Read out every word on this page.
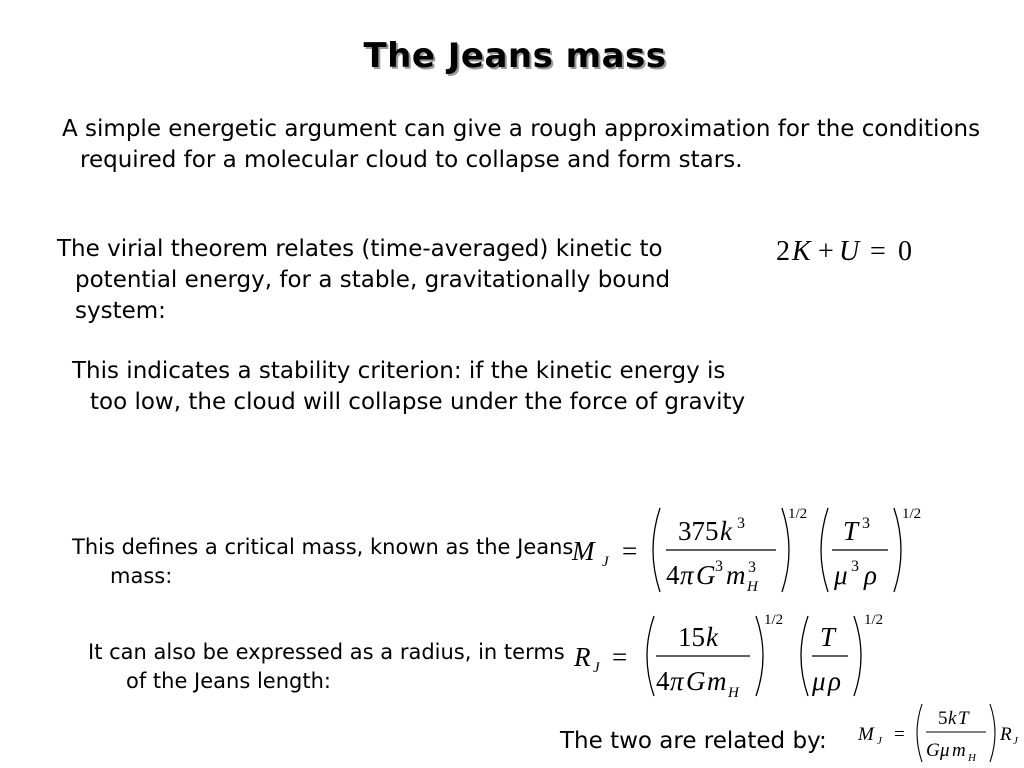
The Jeans mass
A simple energetic argument can give a rough approximation for the conditions required for a molecular cloud to collapse and form stars.
The virial theorem relates (time-averaged) kinetic to potential energy, for a stable, gravitationally bound system:
This indicates a stability criterion: if the kinetic energy is too low, the cloud will collapse under the force of gravity
This defines a critical mass, known as the Jeans mass:
It can also be expressed as a radius, in terms of the Jeans length:
The two are related by:
2 K + U = 0
M J =
375 k 3
4 π G 3 m 3
H
1/2
T 3
μ 3 ρ
1/2
R J =
15 k
4 π G m H
1/2
T
μ ρ
1/2
M J =
5 k T
G μ m H
R J
